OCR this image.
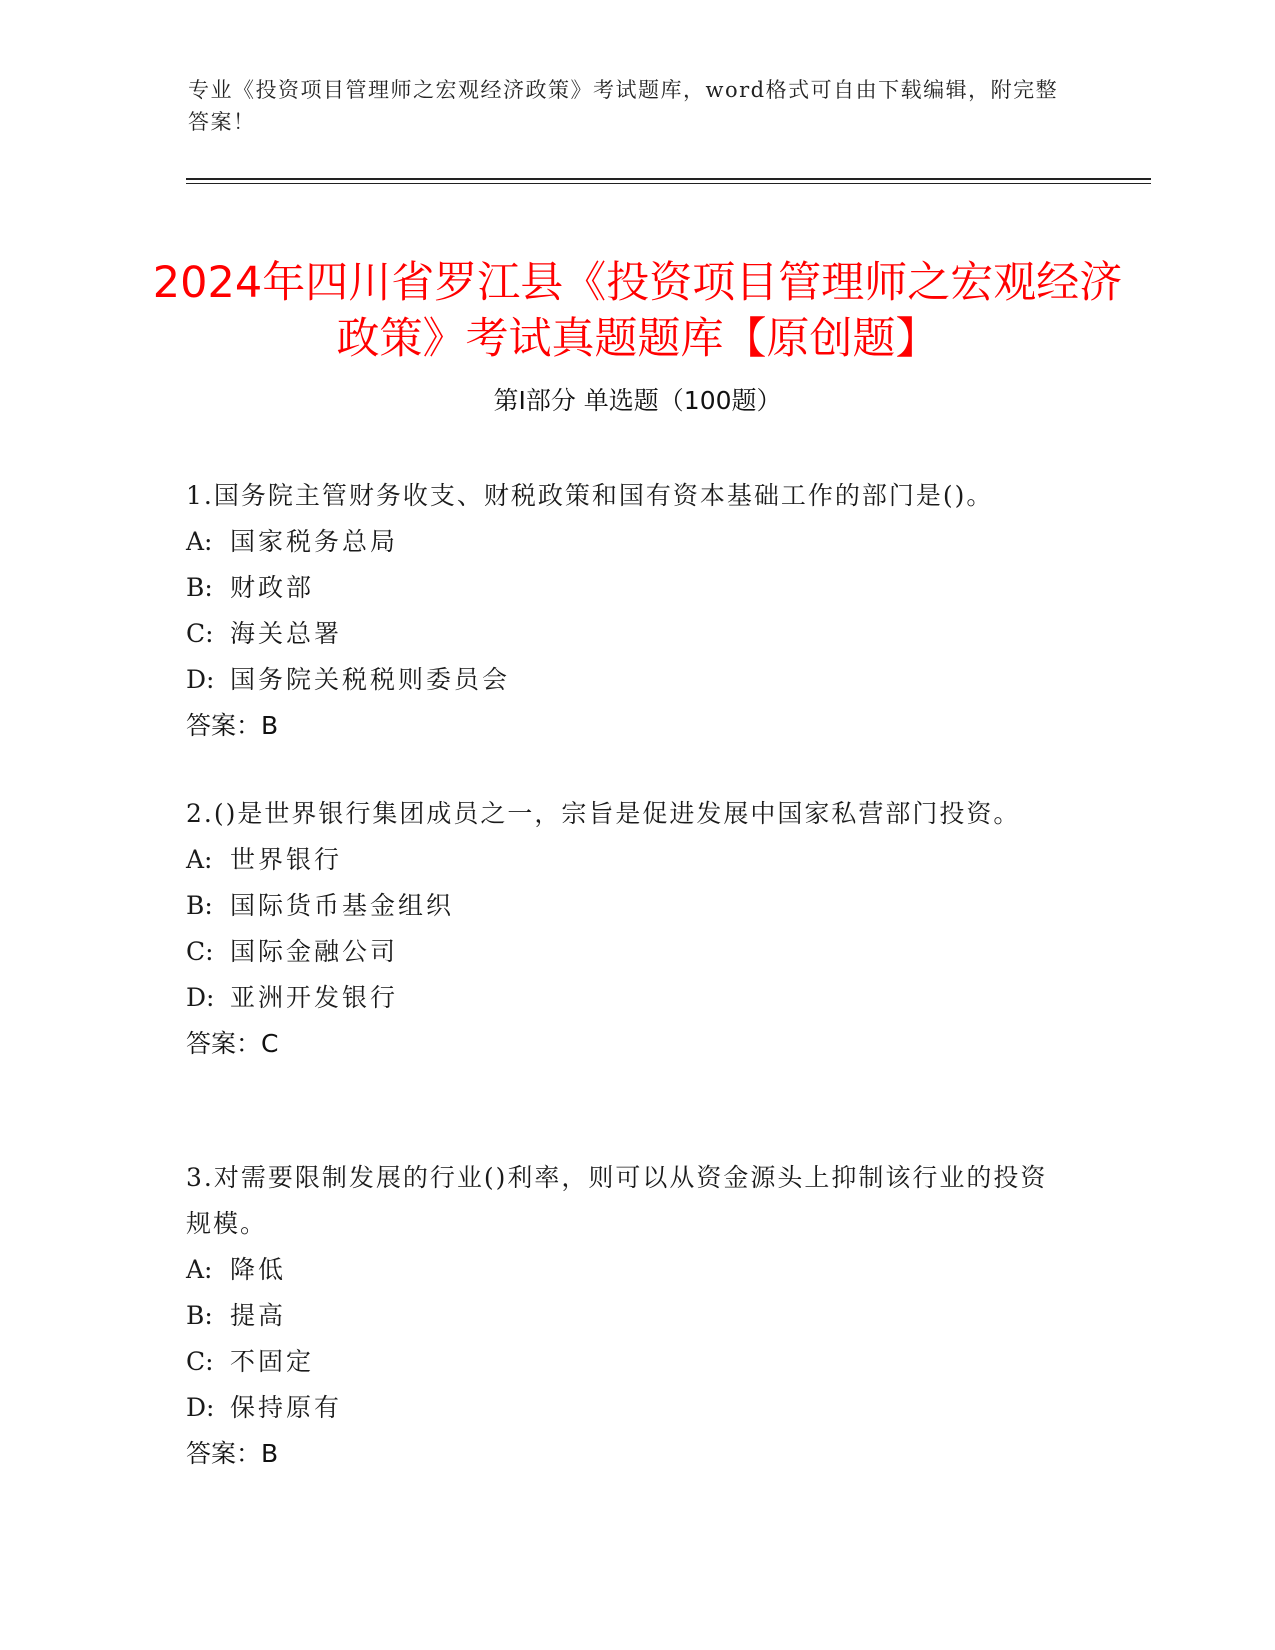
专业《投资项目管理师之宏观经济政策》考试题库，word格式可自由下载编辑，附完整答案！
2024年四川省罗江县《投资项目管理师之宏观经济政策》考试真题题库【原创题】
第Ⅰ部分 单选题（100题）

1.国务院主管财务收支、财税政策和国有资本基础工作的部门是()。

A: 国家税务总局

B: 财政部

C: 海关总署

D: 国务院关税税则委员会

答案：B

2.()是世界银行集团成员之一，宗旨是促进发展中国家私营部门投资。

A: 世界银行

B: 国际货币基金组织

C: 国际金融公司

D: 亚洲开发银行

答案：C

3.对需要限制发展的行业()利率，则可以从资金源头上抑制该行业的投资规模。

A: 降低

B: 提高

C: 不固定

D: 保持原有

答案：B
